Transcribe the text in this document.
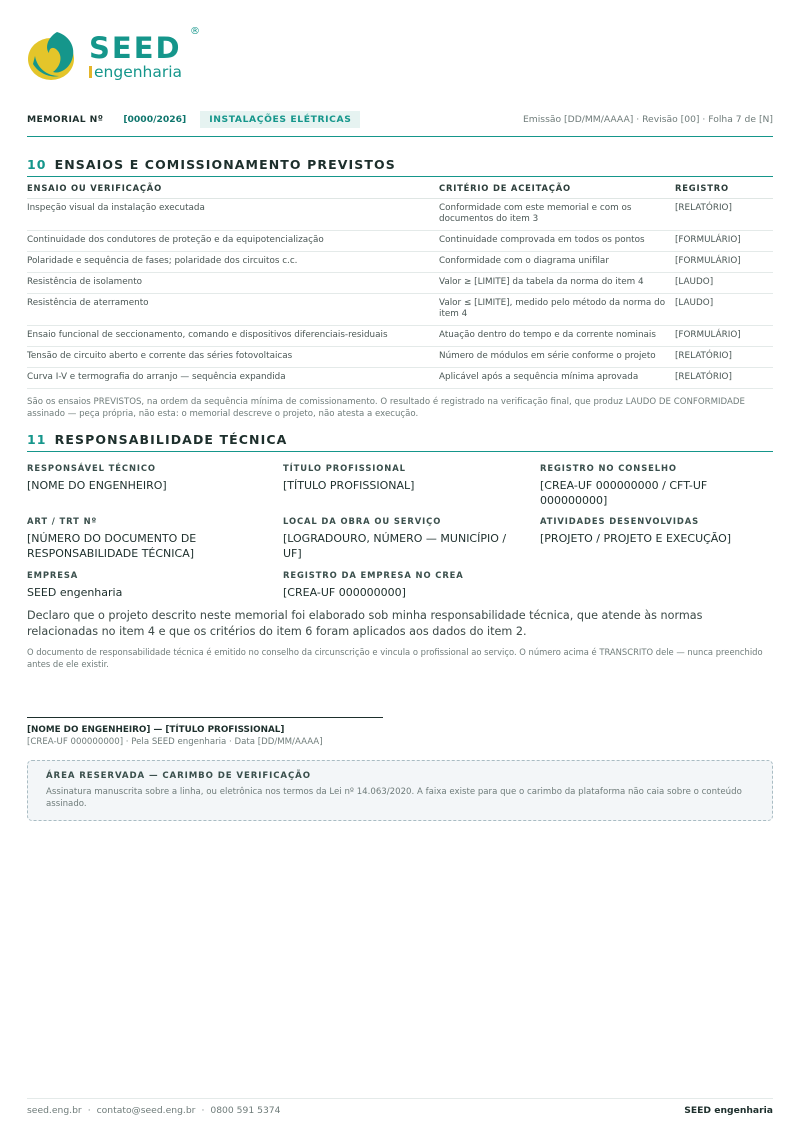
SEED ®
engenharia
MEMORIAL Nº [0000/2026]	INSTALAÇÕES ELÉTRICAS	Emissão [DD/MM/AAAA] · Revisão [00] · Folha 7 de [N]
10 ENSAIOS E COMISSIONAMENTO PREVISTOS
ENSAIO OU VERIFICAÇÃO	CRITÉRIO DE ACEITAÇÃO	REGISTRO
Inspeção visual da instalação executada	Conformidade com este memorial e com os documentos do item 3	[RELATÓRIO]
Continuidade dos condutores de proteção e da equipotencialização	Continuidade comprovada em todos os pontos	[FORMULÁRIO]
Polaridade e sequência de fases; polaridade dos circuitos c.c.	Conformidade com o diagrama unifilar	[FORMULÁRIO]
Resistência de isolamento	Valor ≥ [LIMITE] da tabela da norma do item 4	[LAUDO]
Resistência de aterramento	Valor ≤ [LIMITE], medido pelo método da norma do item 4	[LAUDO]
Ensaio funcional de seccionamento, comando e dispositivos diferenciais-residuais	Atuação dentro do tempo e da corrente nominais	[FORMULÁRIO]
Tensão de circuito aberto e corrente das séries fotovoltaicas	Número de módulos em série conforme o projeto	[RELATÓRIO]
Curva I-V e termografia do arranjo — sequência expandida	Aplicável após a sequência mínima aprovada	[RELATÓRIO]
São os ensaios PREVISTOS, na ordem da sequência mínima de comissionamento. O resultado é registrado na verificação final, que produz LAUDO DE CONFORMIDADE assinado — peça própria, não esta: o memorial descreve o projeto, não atesta a execução.
11 RESPONSABILIDADE TÉCNICA
RESPONSÁVEL TÉCNICO
[NOME DO ENGENHEIRO]
TÍTULO PROFISSIONAL
[TÍTULO PROFISSIONAL]
REGISTRO NO CONSELHO
[CREA-UF 000000000 / CFT-UF 000000000]
ART / TRT Nº
[NÚMERO DO DOCUMENTO DE RESPONSABILIDADE TÉCNICA]
LOCAL DA OBRA OU SERVIÇO
[LOGRADOURO, NÚMERO — MUNICÍPIO / UF]
ATIVIDADES DESENVOLVIDAS
[PROJETO / PROJETO E EXECUÇÃO]
EMPRESA
SEED engenharia
REGISTRO DA EMPRESA NO CREA
[CREA-UF 000000000]
Declaro que o projeto descrito neste memorial foi elaborado sob minha responsabilidade técnica, que atende às normas relacionadas no item 4 e que os critérios do item 6 foram aplicados aos dados do item 2.
O documento de responsabilidade técnica é emitido no conselho da circunscrição e vincula o profissional ao serviço. O número acima é TRANSCRITO dele — nunca preenchido antes de ele existir.
[NOME DO ENGENHEIRO] — [TÍTULO PROFISSIONAL]
[CREA-UF 000000000] · Pela SEED engenharia · Data [DD/MM/AAAA]
ÁREA RESERVADA — CARIMBO DE VERIFICAÇÃO
Assinatura manuscrita sobre a linha, ou eletrônica nos termos da Lei nº 14.063/2020. A faixa existe para que o carimbo da plataforma não caia sobre o conteúdo assinado.
seed.eng.br · contato@seed.eng.br · 0800 591 5374	SEED engenharia
